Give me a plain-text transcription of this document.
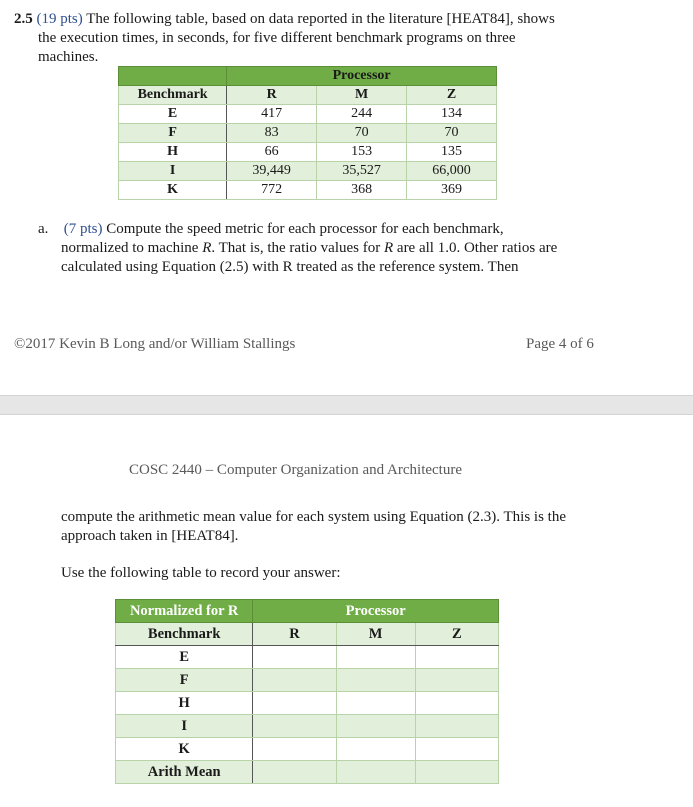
2.5 (19 pts) The following table, based on data reported in the literature [HEAT84], shows
the execution times, in seconds, for five different benchmark programs on three
machines.
	Processor		
Benchmark	R	M	Z
E	417	244	134
F	83	70	70
H	66	153	135
I	39,449	35,527	66,000
K	772	368	369
a. (7 pts) Compute the speed metric for each processor for each benchmark,
normalized to machine R. That is, the ratio values for R are all 1.0. Other ratios are
calculated using Equation (2.5) with R treated as the reference system. Then
©2017 Kevin B Long and/or William Stallings	Page 4 of 6
COSC 2440 – Computer Organization and Architecture
compute the arithmetic mean value for each system using Equation (2.3). This is the
approach taken in [HEAT84].
Use the following table to record your answer:
Normalized for R	Processor		
Benchmark	R	M	Z
E			
F			
H			
I			
K			
Arith Mean			
